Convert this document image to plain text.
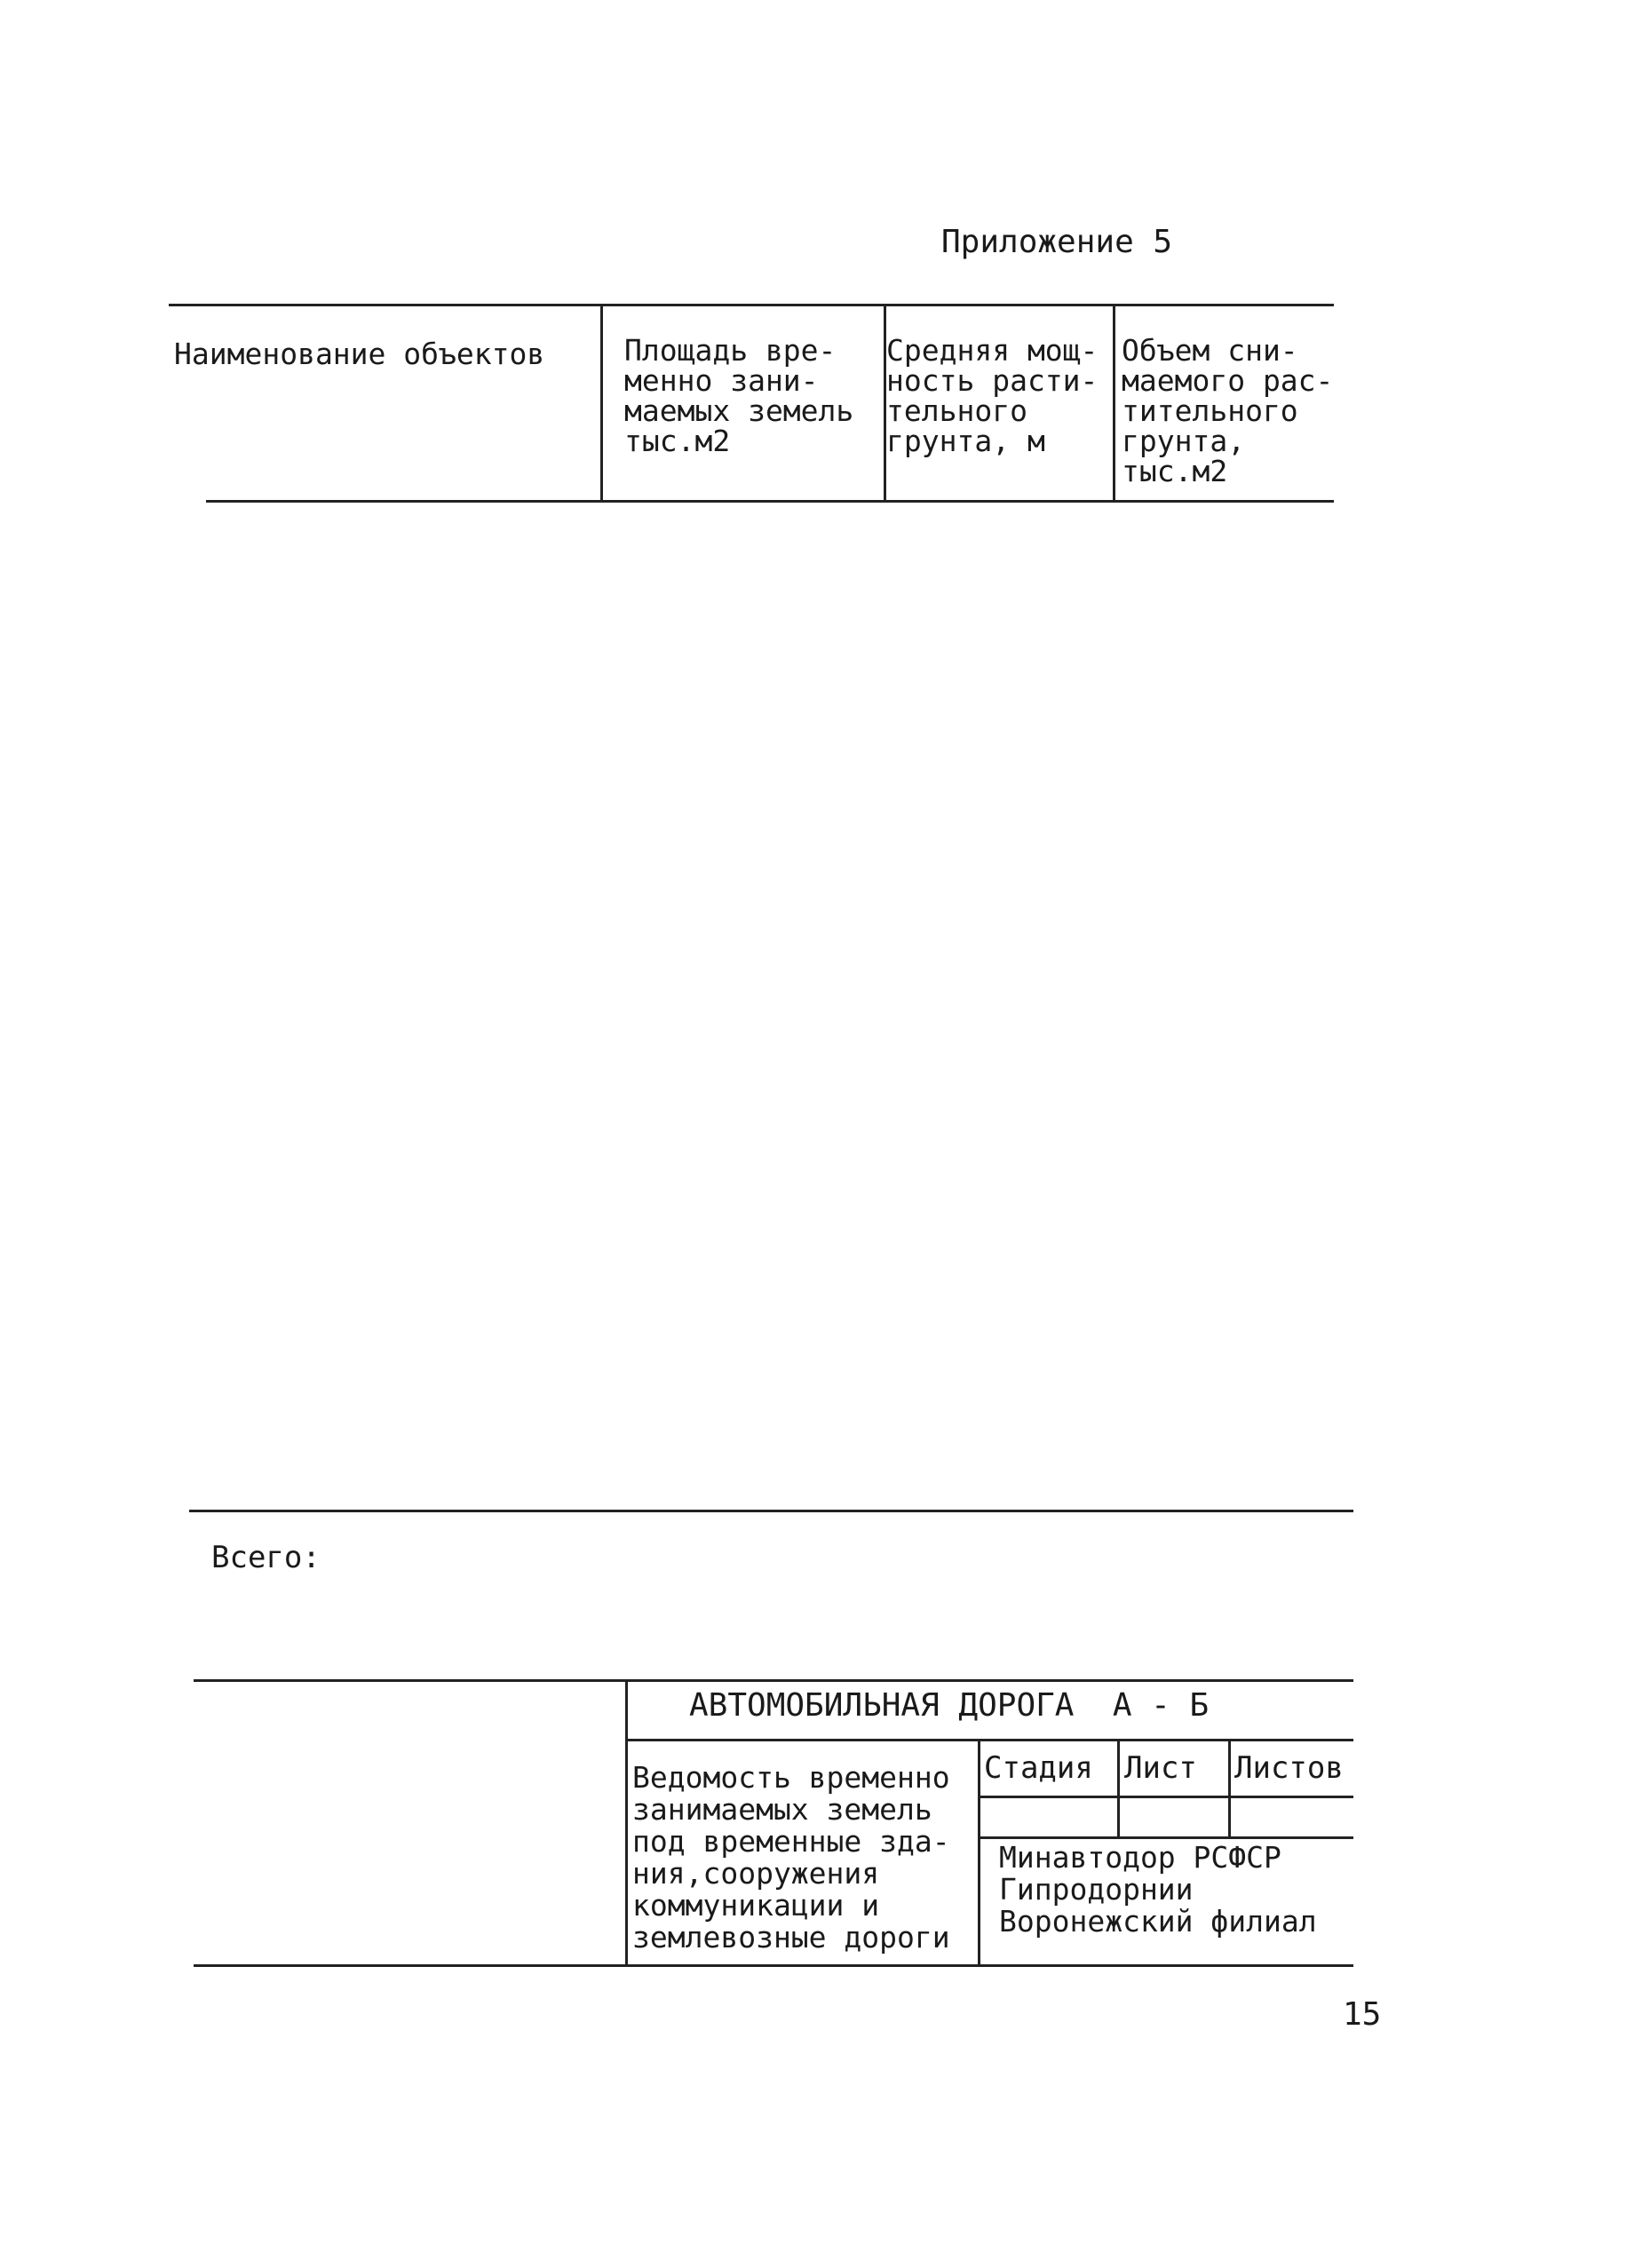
Приложение 5
Наименование объектов	Площадь вре-
менно зани-
маемых земель
тыс.м2
Средняя мощ-
ность расти-
тельного
грунта, м
Объем сни-
маемого рас-
тительного
грунта,
тыс.м2
Всего:
АВТОМОБИЛЬНАЯ ДОРОГА  А - Б
Ведомость временно
занимаемых земель
под временные зда-
ния,сооружения
коммуникации и
землевозные дороги
Стадия Лист Листов
Минавтодор РСФСР
Гипродорнии
Воронежский филиал
15
